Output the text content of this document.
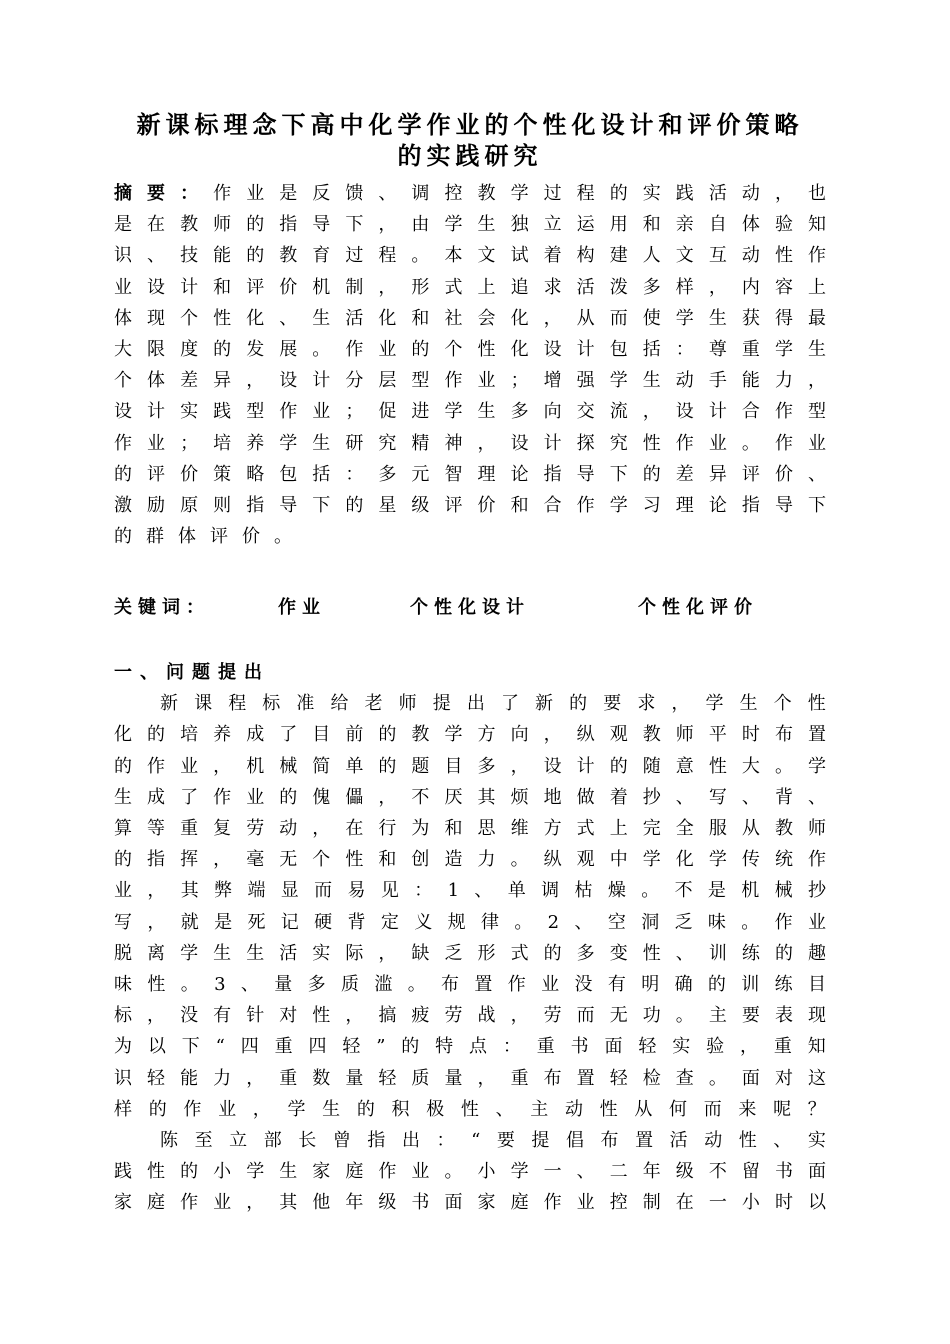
新课标理念下高中化学作业的个性化设计和评价策略
的实践研究
摘 要 ： 作 业 是 反 馈 、 调 控 教 学 过 程 的 实 践 活 动 ， 也
是 在 教 师 的 指 导 下 ， 由 学 生 独 立 运 用 和 亲 自 体 验 知
识 、 技 能 的 教 育 过 程 。 本 文 试 着 构 建 人 文 互 动 性 作
业 设 计 和 评 价 机 制 ， 形 式 上 追 求 活 泼 多 样 ， 内 容 上
体 现 个 性 化 、 生 活 化 和 社 会 化 ， 从 而 使 学 生 获 得 最
大 限 度 的 发 展 。 作 业 的 个 性 化 设 计 包 括 ： 尊 重 学 生
个 体 差 异 ， 设 计 分 层 型 作 业 ； 增 强 学 生 动 手 能 力 ，
设 计 实 践 型 作 业 ； 促 进 学 生 多 向 交 流 ， 设 计 合 作 型
作 业 ； 培 养 学 生 研 究 精 神 ， 设 计 探 究 性 作 业 。 作 业
的 评 价 策 略 包 括 ： 多 元 智 理 论 指 导 下 的 差 异 评 价 、
激 励 原 则 指 导 下 的 星 级 评 价 和 合 作 学 习 理 论 指 导 下
的群体评价。
关键词：	作业	个性化设计	个性化评价
一、问题提出
新 课 程 标 准 给 老 师 提 出 了 新 的 要 求 ， 学 生 个 性
化 的 培 养 成 了 目 前 的 教 学 方 向 ， 纵 观 教 师 平 时 布 置
的 作 业 ， 机 械 简 单 的 题 目 多 ， 设 计 的 随 意 性 大 。 学
生 成 了 作 业 的 傀 儡 ， 不 厌 其 烦 地 做 着 抄 、 写 、 背 、
算 等 重 复 劳 动 ， 在 行 为 和 思 维 方 式 上 完 全 服 从 教 师
的 指 挥 ， 毫 无 个 性 和 创 造 力 。 纵 观 中 学 化 学 传 统 作
业 ， 其 弊 端 显 而 易 见 ： 1 、 单 调 枯 燥 。 不 是 机 械 抄
写 ， 就 是 死 记 硬 背 定 义 规 律 。 2 、 空 洞 乏 味 。 作 业
脱 离 学 生 生 活 实 际 ， 缺 乏 形 式 的 多 变 性 、 训 练 的 趣
味 性 。 3 、 量 多 质 滥 。 布 置 作 业 没 有 明 确 的 训 练 目
标 ， 没 有 针 对 性 ， 搞 疲 劳 战 ， 劳 而 无 功 。 主 要 表 现
为 以 下 “ 四 重 四 轻 ” 的 特 点 ： 重 书 面 轻 实 验 ， 重 知
识 轻 能 力 ， 重 数 量 轻 质 量 ， 重 布 置 轻 检 查 。 面 对 这
样 的 作 业 ， 学 生 的 积 极 性 、 主 动 性 从 何 而 来 呢 ？
陈 至 立 部 长 曾 指 出 ： “ 要 提 倡 布 置 活 动 性 、 实
践 性 的 小 学 生 家 庭 作 业 。 小 学 一 、 二 年 级 不 留 书 面
家 庭 作 业 ， 其 他 年 级 书 面 家 庭 作 业 控 制 在 一 小 时 以
